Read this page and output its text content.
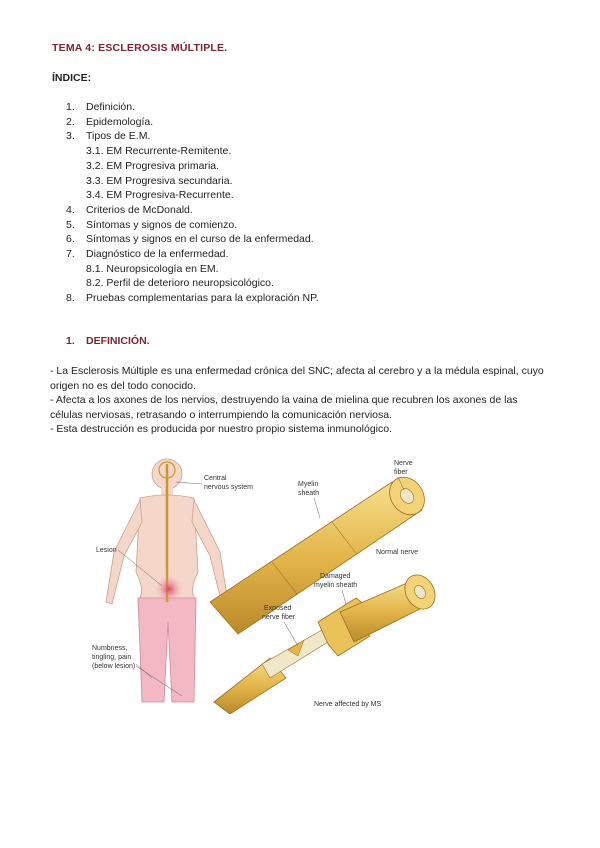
TEMA 4: ESCLEROSIS MÚLTIPLE.
ÍNDICE:
1.	Definición.
2.	Epidemología.
3.	Tipos de E.M.
3.1. EM Recurrente-Remitente.
3.2. EM Progresiva primaria.
3.3. EM Progresiva secundaria.
3.4. EM Progresiva-Recurrente.
4.	Criterios de McDonald.
5.	Síntomas y signos de comienzo.
6.	Síntomas y signos en el curso de la enfermedad.
7.	Diagnóstico de la enfermedad.
8.1. Neuropsicología en EM.
8.2. Perfil de deterioro neuropsicológico.
8.	Pruebas complementarias para la exploración NP.
1. DEFINICIÓN.

- La Esclerosis Múltiple es una enfermedad crónica del SNC; afecta al cerebro y a la médula espinal, cuyo origen no es del todo conocido.

- Afecta a los axones de los nervios, destruyendo la vaina de mielina que recubren los axones de las células nerviosas, retrasando o interrumpiendo la comunicación nerviosa.

- Esta destrucción es producida por nuestro propio sistema inmunológico.

Central
nervous system
Lesion
Numbness,
tingling, pain
(below lesion)
Myelin
sheath
Nerve
fiber
Normal nerve
Damaged
myelin sheath
Exposed
nerve fiber
Nerve affected by MS
